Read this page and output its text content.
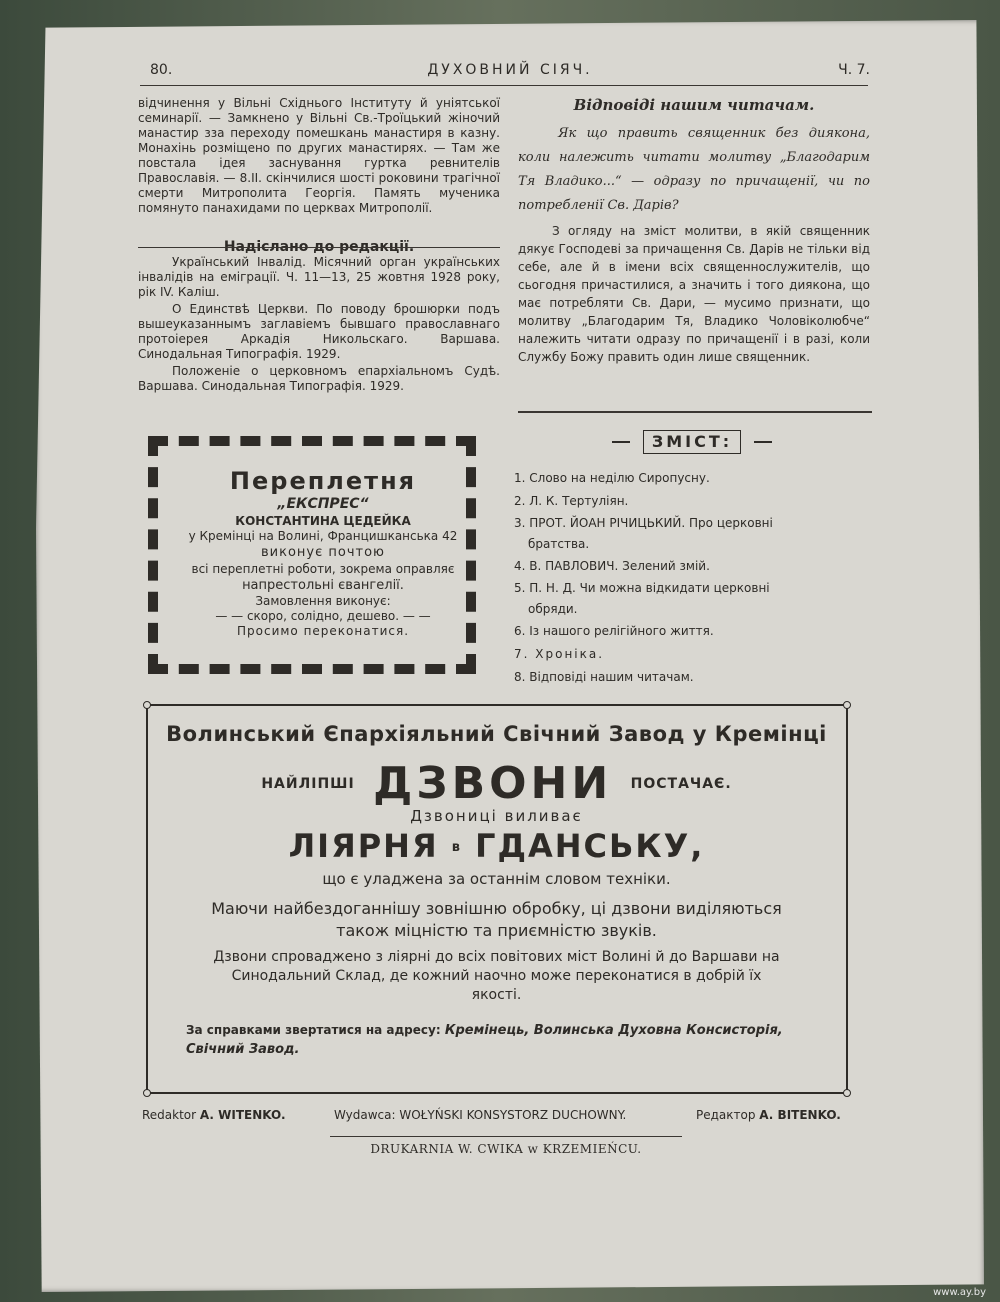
80.	ДУХОВНИЙ СІЯЧ.	Ч. 7.

відчинення у Вільні Східнього Інституту й уніятської семинарії. — Замкнено у Вільні Св.-Троїцький жіночий манастир зза переходу помешкань манастиря в казну. Монахінь розміщено по других манастирях. — Там же повстала ідея заснування гуртка ревнителів Православія. — 8.II. скінчилися шості роковини трагічної смерти Митрополита Георгія. Память мученика помянуто панахидами по церквах Митрополії.

Надіслано до редакції.

Український Інвалід. Місячний орган українських інвалідів на еміграції. Ч. 11—13, 25 жовтня 1928 року, рік IV. Каліш.

О Единствѣ Церкви. По поводу брошюрки подъ вышеуказаннымъ заглавіемъ бывшаго православнаго протоіерея Аркадія Никольскаго. Варшава. Синодальная Типографія. 1929.

Положеніе о церковномъ епархіальномъ Судѣ. Варшава. Синодальная Типографія. 1929.

Переплетня
„ЕКСПРЕС“
КОНСТАНТИНА ЦЕДЕЙКА
у Кремінці на Волині, Францишканська 42
виконує почтою
всі переплетні роботи, зокрема оправляє
напрестольні євангелії.
Замовлення виконує:
— — скоро, солідно, дешево. — —
Просимо переконатися.
Відповіді нашим читачам.

Як що править священник без диякона, коли належить читати молитву „Благодарим Тя Владико...“ — одразу по причащенії, чи по потребленії Св. Дарів?

З огляду на зміст молитви, в якій священник дякує Господеві за причащення Св. Дарів не тільки від себе, але й в імени всіх священнослужителів, що сьогодня причастилися, а значить і того диякона, що має потребляти Св. Дари, — мусимо признати, що молитву „Благодарим Тя, Владико Чоловіколюбче“ належить читати одразу по причащенії і в разі, коли Службу Божу править один лише священник.

ЗМІСТ:
1. Слово на неділю Сиропусну.
2. Л. К. Тертуліян.
3. ПРОТ. ЙОАН РІЧИЦЬКИЙ. Про церковні
братства.
4. В. ПАВЛОВИЧ. Зелений змій.
5. П. Н. Д. Чи можна відкидати церковні
обряди.
6. Із нашого релігійного життя.
7. Хроніка.
8. Відповіді нашим читачам.
Волинський Єпархіяльний Свічний Завод у Кремінці
НАЙЛІПШІ ДЗВОНИ ПОСТАЧАЄ.
Дзвониці виливає
ЛІЯРНЯ в ГДАНСЬКУ,
що є уладжена за останнім словом техніки.
Маючи найбездоганнішу зовнішню обробку, ці дзвони виділяються також міцністю та приємністю звуків.
Дзвони спроваджено з ліярні до всіх повітових міст Волині й до Варшави на Синодальний Склад, де кожний наочно може переконатися в добрій їх якості.
За справками звертатися на адресу: Кремінець, Волинська Духовна Консисторія, Свічний Завод.
Redaktor A. WITENKO.	Wydawca: WOŁYŃSKI KONSYSTORZ DUCHOWNY.	Редактор A. BITENKO.
DRUKARNIA W. CWIKA w KRZEMIEŃCU.
www.ay.by
